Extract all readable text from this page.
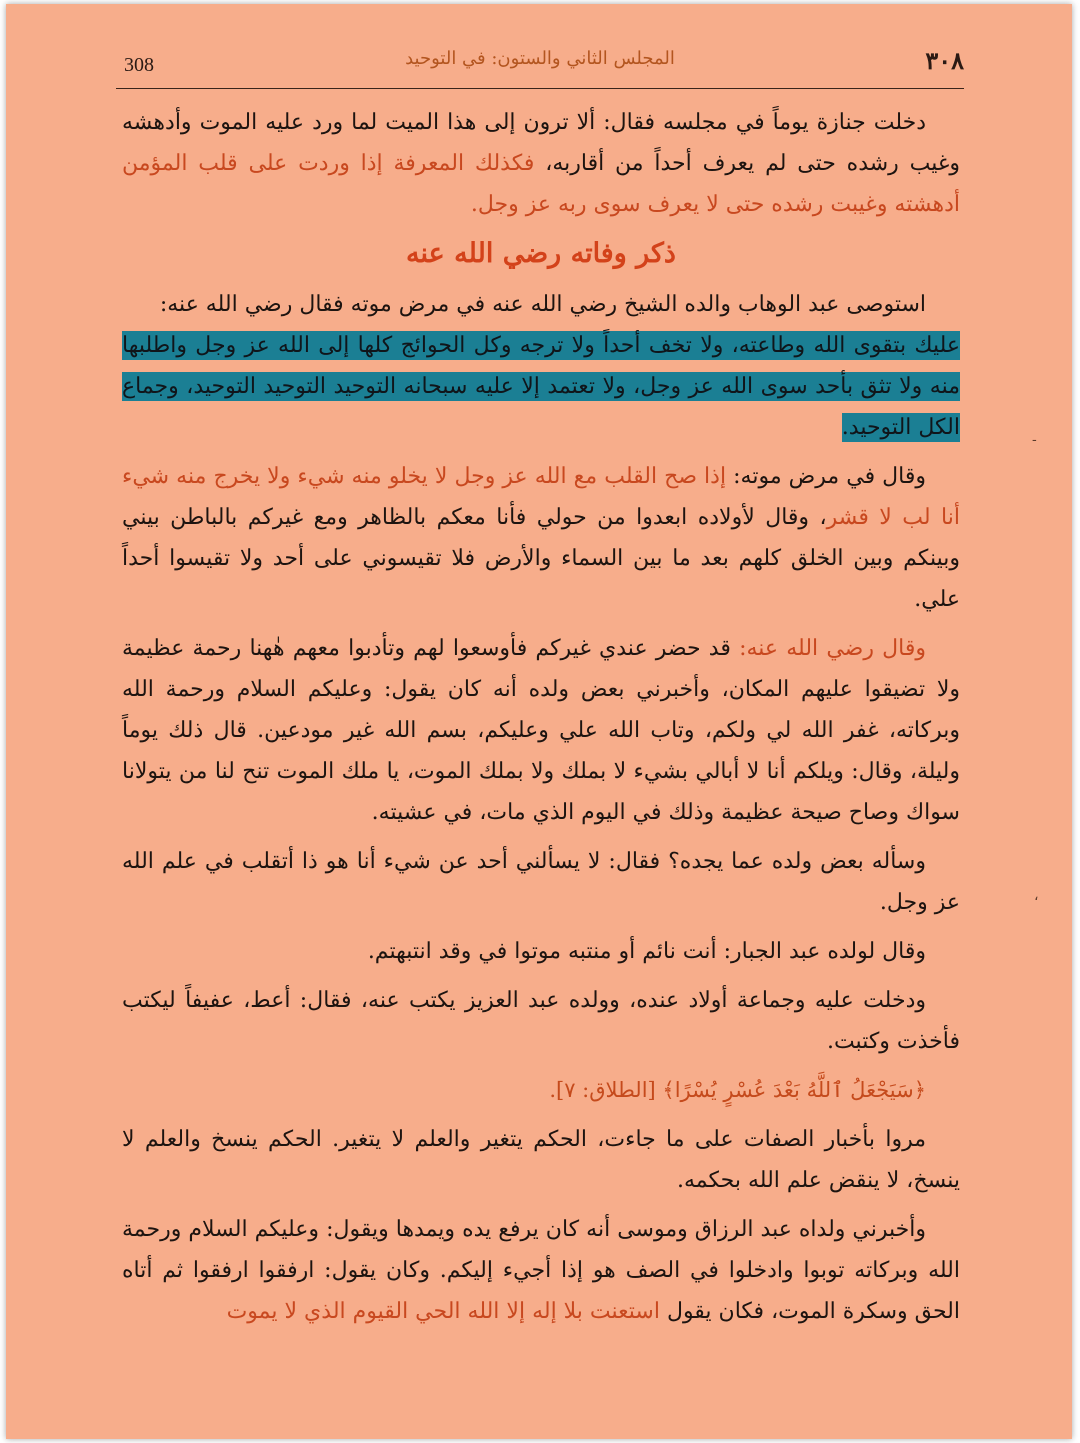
308	المجلس الثاني والستون: في التوحيد	٣٠٨

دخلت جنازة يوماً في مجلسه فقال: ألا ترون إلى هذا الميت لما ورد عليه الموت وأدهشه وغيب رشده حتى لم يعرف أحداً من أقاربه، فكذلك المعرفة إذا وردت على قلب المؤمن أدهشته وغيبت رشده حتى لا يعرف سوى ربه عز وجل.

ذكر وفاته رضي الله عنه

استوصى عبد الوهاب والده الشيخ رضي الله عنه في مرض موته فقال رضي الله عنه:

عليك بتقوى الله وطاعته، ولا تخف أحداً ولا ترجه وكل الحوائج كلها إلى الله عز وجل واطلبها منه ولا تثق بأحد سوى الله عز وجل، ولا تعتمد إلا عليه سبحانه التوحيد التوحيد التوحيد، وجماع الكل التوحيد.

وقال في مرض موته: إذا صح القلب مع الله عز وجل لا يخلو منه شيء ولا يخرج منه شيء أنا لب لا قشر، وقال لأولاده ابعدوا من حولي فأنا معكم بالظاهر ومع غيركم بالباطن بيني وبينكم وبين الخلق كلهم بعد ما بين السماء والأرض فلا تقيسوني على أحد ولا تقيسوا أحداً علي.

وقال رضي الله عنه: قد حضر عندي غيركم فأوسعوا لهم وتأدبوا معهم هٰهنا رحمة عظيمة ولا تضيقوا عليهم المكان، وأخبرني بعض ولده أنه كان يقول: وعليكم السلام ورحمة الله وبركاته، غفر الله لي ولكم، وتاب الله علي وعليكم، بسم الله غير مودعين. قال ذلك يوماً وليلة، وقال: ويلكم أنا لا أبالي بشيء لا بملك ولا بملك الموت، يا ملك الموت تنح لنا من يتولانا سواك وصاح صيحة عظيمة وذلك في اليوم الذي مات، في عشيته.

وسأله بعض ولده عما يجده؟ فقال: لا يسألني أحد عن شيء أنا هو ذا أتقلب في علم الله عز وجل.

وقال لولده عبد الجبار: أنت نائم أو منتبه موتوا في وقد انتبهتم.

ودخلت عليه وجماعة أولاد عنده، وولده عبد العزيز يكتب عنه، فقال: أعط، عفيفاً ليكتب فأخذت وكتبت.

﴿سَيَجْعَلُ ٱللَّهُ بَعْدَ عُسْرٍ يُسْرًا﴾ [الطلاق: ٧].

مروا بأخبار الصفات على ما جاءت، الحكم يتغير والعلم لا يتغير. الحكم ينسخ والعلم لا ينسخ، لا ينقض علم الله بحكمه.

وأخبرني ولداه عبد الرزاق وموسى أنه كان يرفع يده ويمدها ويقول: وعليكم السلام ورحمة الله وبركاته توبوا وادخلوا في الصف هو إذا أجيء إليكم. وكان يقول: ارفقوا ارفقوا ثم أتاه الحق وسكرة الموت، فكان يقول استعنت بلا إله إلا الله الحي القيوم الذي لا يموت

-
،
